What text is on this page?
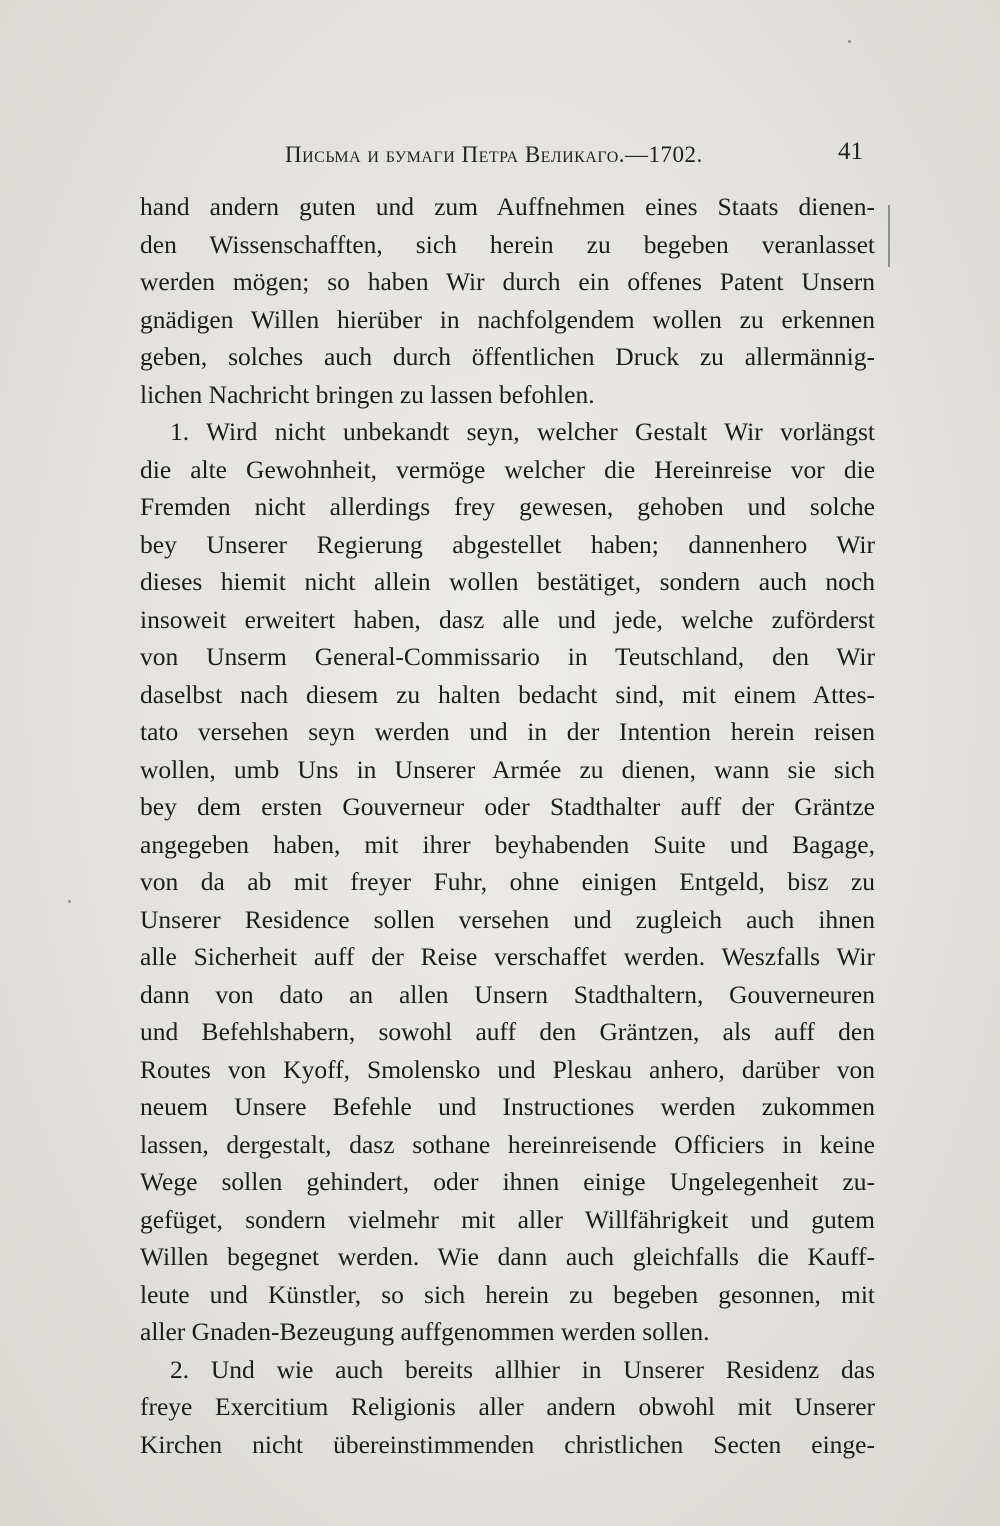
Письма и бумаги Петра Великаго.—1702.	41
hand andern guten und zum Auffnehmen eines Staats dienen-
den Wissenschafften, sich herein zu begeben veranlasset
werden mögen; so haben Wir durch ein offenes Patent Unsern
gnädigen Willen hierüber in nachfolgendem wollen zu erkennen
geben, solches auch durch öffentlichen Druck zu allermännig-
lichen Nachricht bringen zu lassen befohlen.
1. Wird nicht unbekandt seyn, welcher Gestalt Wir vorlängst
die alte Gewohnheit, vermöge welcher die Hereinreise vor die
Fremden nicht allerdings frey gewesen, gehoben und solche
bey Unserer Regierung abgestellet haben; dannenhero Wir
dieses hiemit nicht allein wollen bestätiget, sondern auch noch
insoweit erweitert haben, dasz alle und jede, welche zuförderst
von Unserm General-Commissario in Teutschland, den Wir
daselbst nach diesem zu halten bedacht sind, mit einem Attes-
tato versehen seyn werden und in der Intention herein reisen
wollen, umb Uns in Unserer Armée zu dienen, wann sie sich
bey dem ersten Gouverneur oder Stadthalter auff der Gräntze
angegeben haben, mit ihrer beyhabenden Suite und Bagage,
von da ab mit freyer Fuhr, ohne einigen Entgeld, bisz zu
Unserer Residence sollen versehen und zugleich auch ihnen
alle Sicherheit auff der Reise verschaffet werden. Weszfalls Wir
dann von dato an allen Unsern Stadthaltern, Gouverneuren
und Befehlshabern, sowohl auff den Gräntzen, als auff den
Routes von Kyoff, Smolensko und Pleskau anhero, darüber von
neuem Unsere Befehle und Instructiones werden zukommen
lassen, dergestalt, dasz sothane hereinreisende Officiers in keine
Wege sollen gehindert, oder ihnen einige Ungelegenheit zu-
gefüget, sondern vielmehr mit aller Willfährigkeit und gutem
Willen begegnet werden. Wie dann auch gleichfalls die Kauff-
leute und Künstler, so sich herein zu begeben gesonnen, mit
aller Gnaden-Bezeugung auffgenommen werden sollen.
2. Und wie auch bereits allhier in Unserer Residenz das
freye Exercitium Religionis aller andern obwohl mit Unserer
Kirchen nicht übereinstimmenden christlichen Secten einge-
